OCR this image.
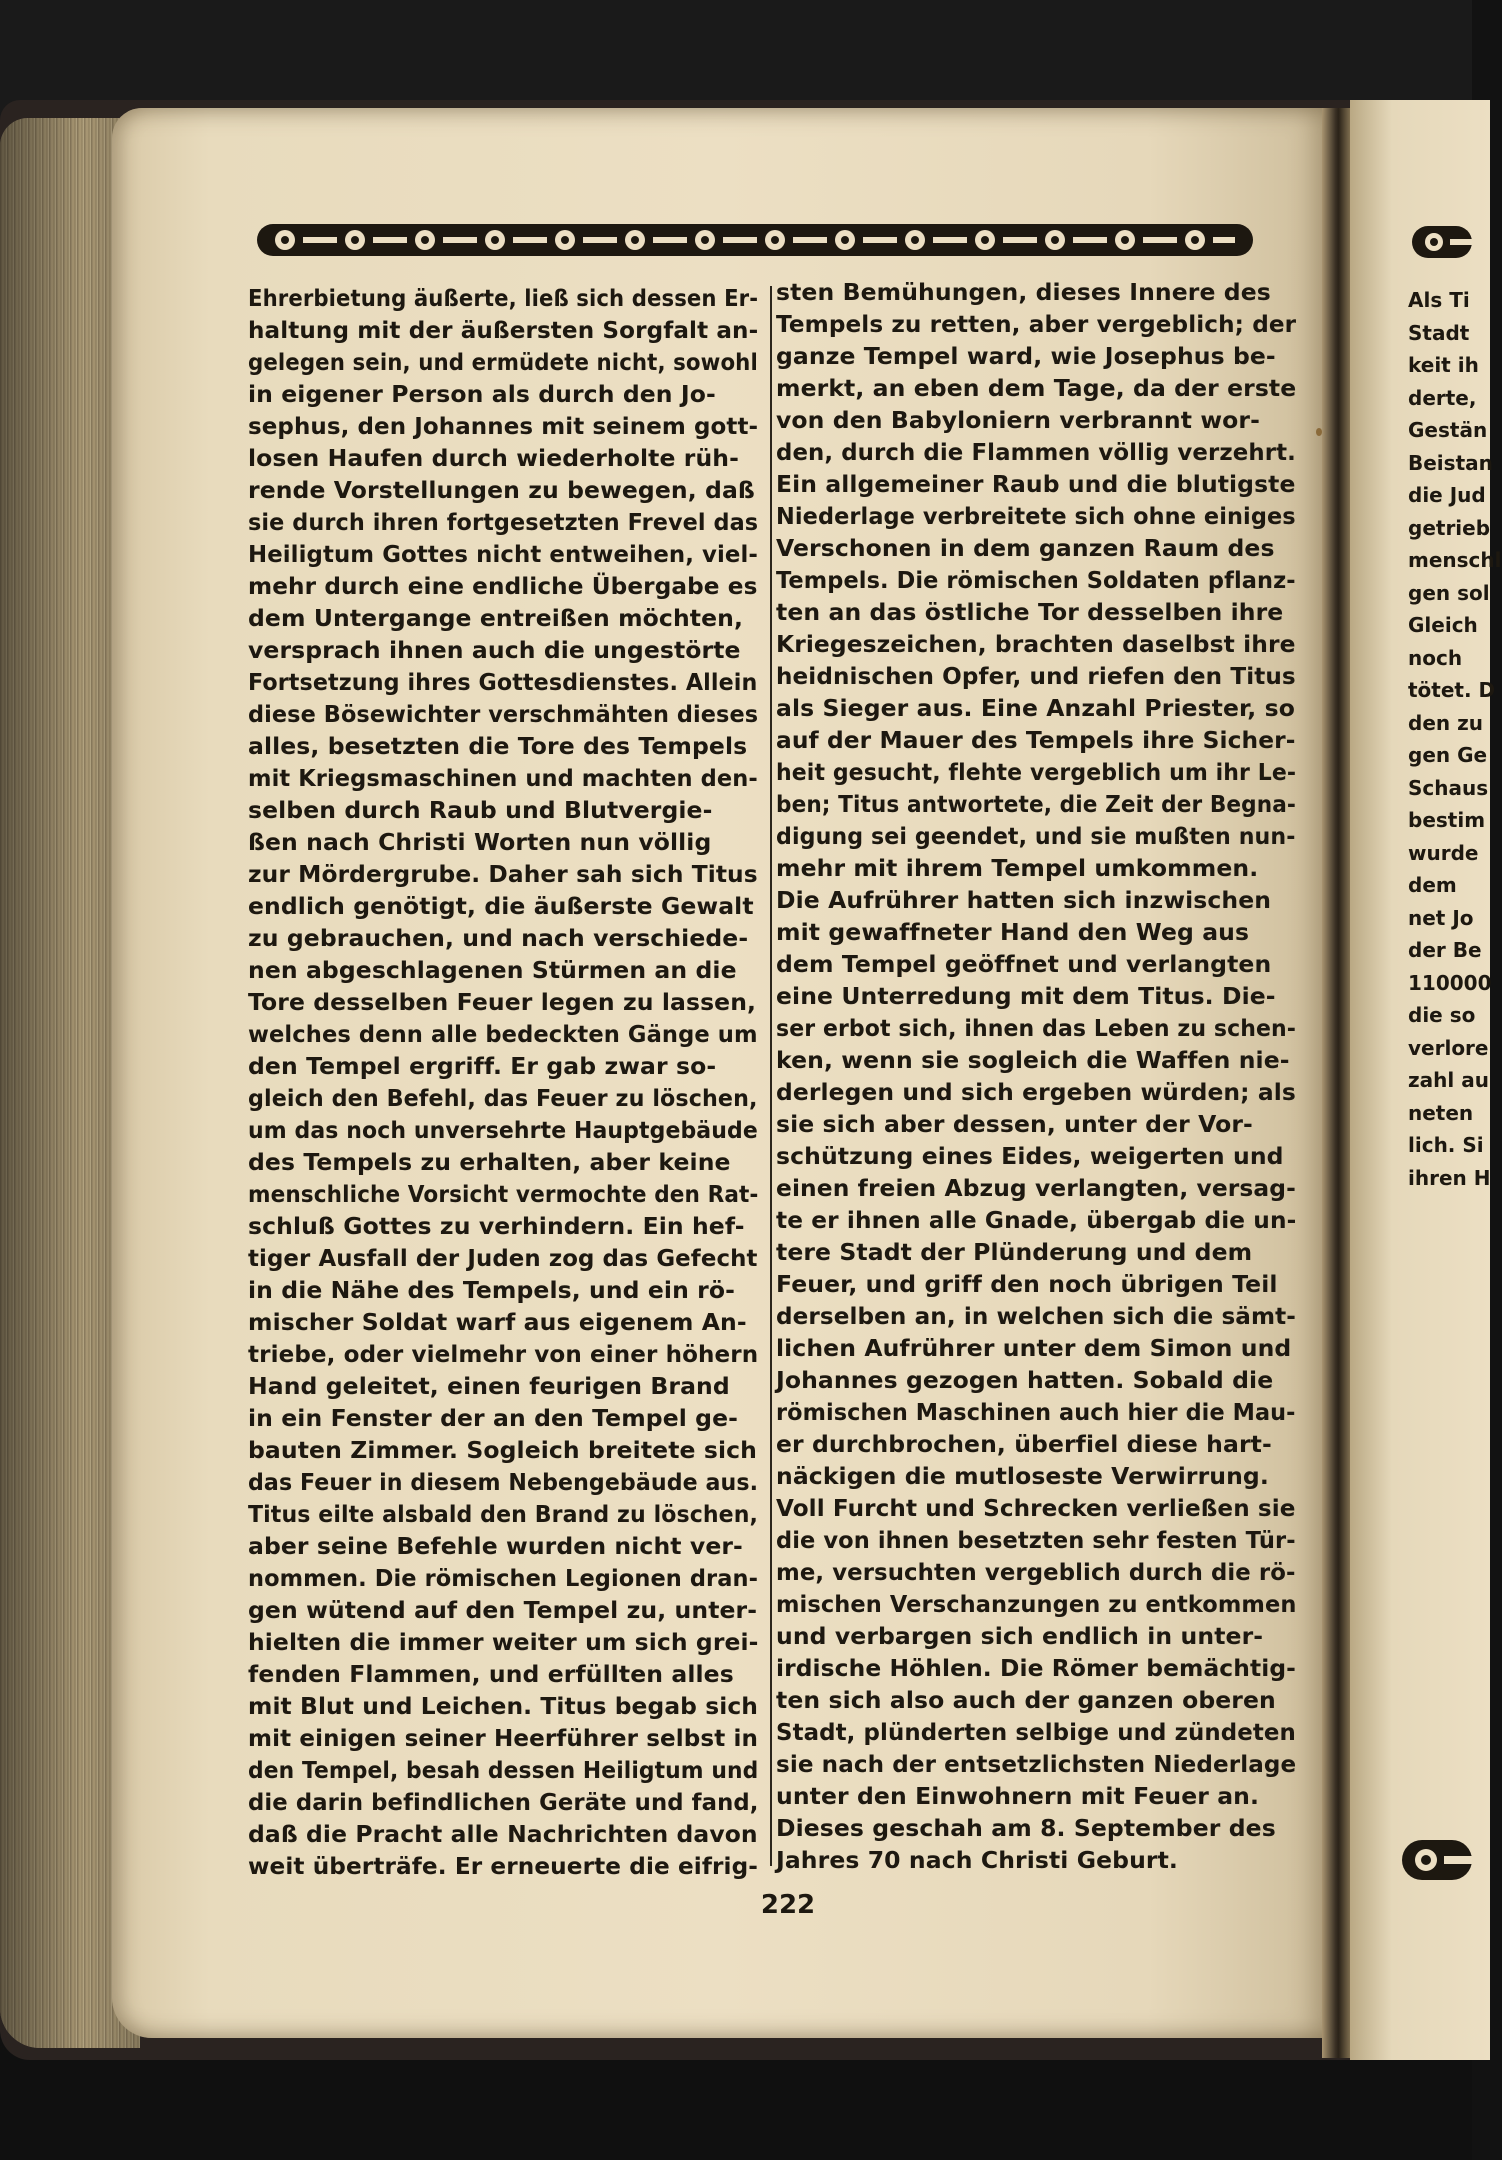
Ehrerbietung äußerte, ließ sich dessen Er-
haltung mit der äußersten Sorgfalt an-
gelegen sein, und ermüdete nicht, sowohl
in eigener Person als durch den Jo-
sephus, den Johannes mit seinem gott-
losen Haufen durch wiederholte rüh-
rende Vorstellungen zu bewegen, daß
sie durch ihren fortgesetzten Frevel das
Heiligtum Gottes nicht entweihen, viel-
mehr durch eine endliche Übergabe es
dem Untergange entreißen möchten,
versprach ihnen auch die ungestörte
Fortsetzung ihres Gottesdienstes. Allein
diese Bösewichter verschmähten dieses
alles, besetzten die Tore des Tempels
mit Kriegsmaschinen und machten den-
selben durch Raub und Blutvergie-
ßen nach Christi Worten nun völlig
zur Mördergrube. Daher sah sich Titus
endlich genötigt, die äußerste Gewalt
zu gebrauchen, und nach verschiede-
nen abgeschlagenen Stürmen an die
Tore desselben Feuer legen zu lassen,
welches denn alle bedeckten Gänge um
den Tempel ergriff. Er gab zwar so-
gleich den Befehl, das Feuer zu löschen,
um das noch unversehrte Hauptgebäude
des Tempels zu erhalten, aber keine
menschliche Vorsicht vermochte den Rat-
schluß Gottes zu verhindern. Ein hef-
tiger Ausfall der Juden zog das Gefecht
in die Nähe des Tempels, und ein rö-
mischer Soldat warf aus eigenem An-
triebe, oder vielmehr von einer höhern
Hand geleitet, einen feurigen Brand
in ein Fenster der an den Tempel ge-
bauten Zimmer. Sogleich breitete sich
das Feuer in diesem Nebengebäude aus.
Titus eilte alsbald den Brand zu löschen,
aber seine Befehle wurden nicht ver-
nommen. Die römischen Legionen dran-
gen wütend auf den Tempel zu, unter-
hielten die immer weiter um sich grei-
fenden Flammen, und erfüllten alles
mit Blut und Leichen. Titus begab sich
mit einigen seiner Heerführer selbst in
den Tempel, besah dessen Heiligtum und
die darin befindlichen Geräte und fand,
daß die Pracht alle Nachrichten davon
weit überträfe. Er erneuerte die eifrig-
sten Bemühungen, dieses Innere des
Tempels zu retten, aber vergeblich; der
ganze Tempel ward, wie Josephus be-
merkt, an eben dem Tage, da der erste
von den Babyloniern verbrannt wor-
den, durch die Flammen völlig verzehrt.
Ein allgemeiner Raub und die blutigste
Niederlage verbreitete sich ohne einiges
Verschonen in dem ganzen Raum des
Tempels. Die römischen Soldaten pflanz-
ten an das östliche Tor desselben ihre
Kriegeszeichen, brachten daselbst ihre
heidnischen Opfer, und riefen den Titus
als Sieger aus. Eine Anzahl Priester, so
auf der Mauer des Tempels ihre Sicher-
heit gesucht, flehte vergeblich um ihr Le-
ben; Titus antwortete, die Zeit der Begna-
digung sei geendet, und sie mußten nun-
mehr mit ihrem Tempel umkommen.
Die Aufrührer hatten sich inzwischen
mit gewaffneter Hand den Weg aus
dem Tempel geöffnet und verlangten
eine Unterredung mit dem Titus. Die-
ser erbot sich, ihnen das Leben zu schen-
ken, wenn sie sogleich die Waffen nie-
derlegen und sich ergeben würden; als
sie sich aber dessen, unter der Vor-
schützung eines Eides, weigerten und
einen freien Abzug verlangten, versag-
te er ihnen alle Gnade, übergab die un-
tere Stadt der Plünderung und dem
Feuer, und griff den noch übrigen Teil
derselben an, in welchen sich die sämt-
lichen Aufrührer unter dem Simon und
Johannes gezogen hatten. Sobald die
römischen Maschinen auch hier die Mau-
er durchbrochen, überfiel diese hart-
näckigen die mutloseste Verwirrung.
Voll Furcht und Schrecken verließen sie
die von ihnen besetzten sehr festen Tür-
me, versuchten vergeblich durch die rö-
mischen Verschanzungen zu entkommen
und verbargen sich endlich in unter-
irdische Höhlen. Die Römer bemächtig-
ten sich also auch der ganzen oberen
Stadt, plünderten selbige und zündeten
sie nach der entsetzlichsten Niederlage
unter den Einwohnern mit Feuer an.
Dieses geschah am 8. September des
Jahres 70 nach Christi Geburt.
222
Als Ti
Stadt
keit ih
derte,
Gestän
Beistan
die Jud
getrieb
menschl
gen sol
Gleich
noch
tötet. D
den zu
gen Ge
Schaus
bestim
wurde
dem
net Jo
der Be
110000
die so
verlore
zahl au
neten
lich. Si
ihren H
